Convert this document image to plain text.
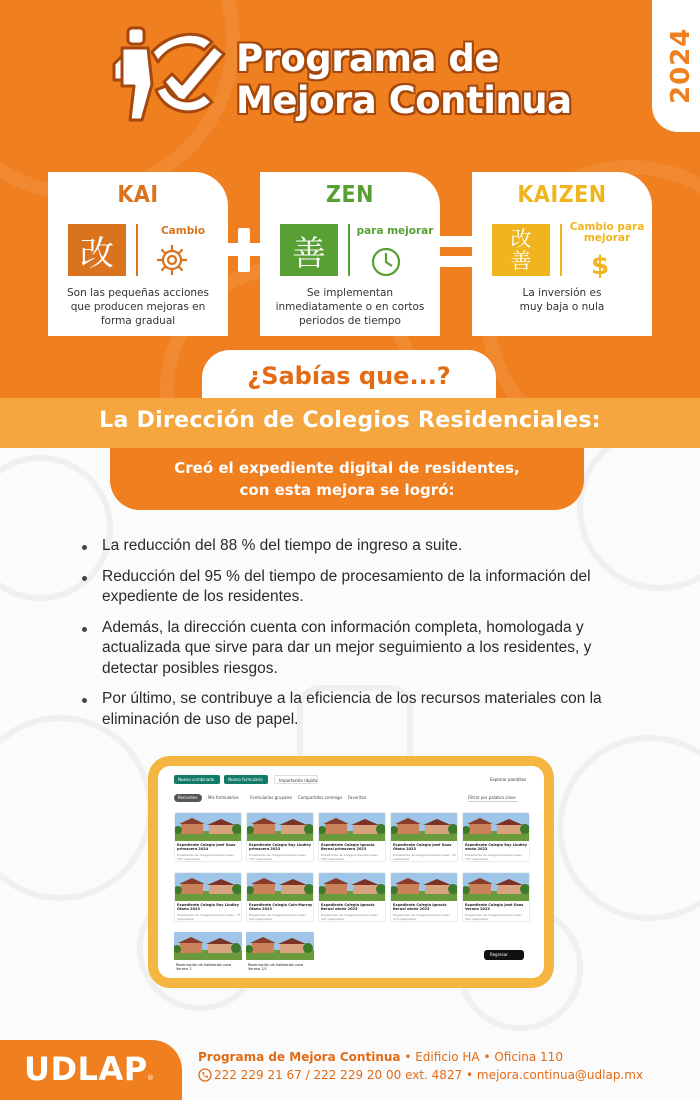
Programa de
Mejora Continua	2024
KAI
改
Cambio
Son las pequeñas acciones que producen mejoras en forma gradual
ZEN
善
para mejorar
Se implementan inmediatamente o en cortos periodos de tiempo
KAIZEN
改善
Cambio para mejorar
$
La inversión es muy baja o nula
¿Sabías que...?
La Dirección de Colegios Residenciales:
Creó el expediente digital de residentes,
con esta mejora se logró:
La reducción del 88 % del tiempo de ingreso a suite.
Reducción del 95 % del tiempo de procesamiento de la información del expediente de los residentes.
Además, la dirección cuenta con información completa, homologada y actualizada que sirve para dar un mejor seguimiento a los residentes, y detectar posibles riesgos.
Por último, se contribuye a la eficiencia de los recursos materiales con la eliminación de uso de papel.
Nuevo combinado	Nuevo formulario	Importación rápida	Explorar plantillas
Recientes	Mis formularios	Formularios grupales Compartidos conmigo Favoritos	Filtrar por palabra clave
Regresar
Expediente Colegio José Gaos primavera 2024
Expediente de Colegios Residenciales · 287 respuestas
Expediente Colegio Ray Lindley primavera 2023
Expediente de Colegios Residenciales · 145 respuestas
Expediente Colegio Ignacio Bernal primavera 2023
Expediente de Colegios Residenciales · 166 respuestas
Expediente Colegio José Gaos Otoño 2023
Expediente de Colegios Residenciales · 67 respuestas
Expediente Colegio Ray Lindley otoño 2023
Expediente de Colegios Residenciales · 150 respuestas
Expediente Colegio Ray Lindley Otoño 2023
Expediente de Colegios Residenciales · 73 respuestas
Expediente Colegio Cain-Murray Otoño 2023
Expediente de Colegios Residenciales · 143 respuestas
Expediente Colegio Ignacio Bernal otoño 2023
Expediente de Colegios Residenciales · 247 respuestas
Expediente Colegio Ignacio Bernal otoño 2023
Expediente de Colegios Residenciales · 170 respuestas
Expediente Colegio José Gaos Verano 2023
Expediente de Colegios Residenciales · 152 respuestas
Reservación de habitación para Verano 2
Reservación de habitación para Verano 2/1
UDLAP ®
Programa de Mejora Continua • Edificio HA • Oficina 110
222 229 21 67 / 222 229 20 00 ext. 4827 • mejora.continua@udlap.mx
